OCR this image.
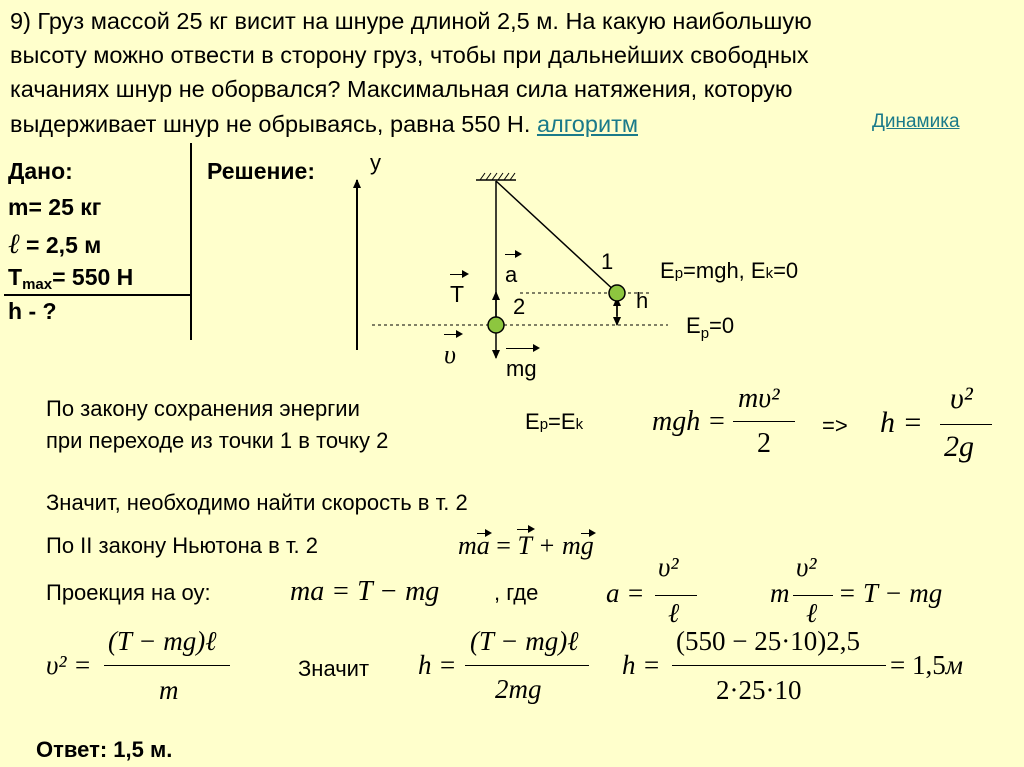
9) Груз массой 25 кг висит на шнуре длиной 2,5 м. На какую наибольшую
высоту можно отвести в сторону груз, чтобы при дальнейших свободных
качаниях шнур не оборвался? Максимальная сила натяжения, которую
выдерживает шнур не обрываясь, равна 550 Н. алгоритм	Динамика
Дано:
m= 25 кг
ℓ = 2,5 м
Tmax= 550 Н
h - ?
Решение: y
1
2
a
T	h
υ mg
Ep=mgh, Ek=0
$E_p=0$
По закону сохранения энергии
при переходе из точки 1 в точку 2
Ep=Ek mgh =
mυ²
2
=> h =
υ²
2g
Значит, необходимо найти скорость в т. 2
По II закону Ньютона в т. 2	m
a =
T + m
g
Проекция на оу:	ma = T − mg , где	a =
υ²
ℓ
m
υ²
ℓ
= T − mg
υ² =
(T − mg)ℓ
m
Значит h =
(T − mg)ℓ
2mg
h =
(550 − 25·10)2,5
2·25·10
= 1,5м
Ответ: 1,5 м.
